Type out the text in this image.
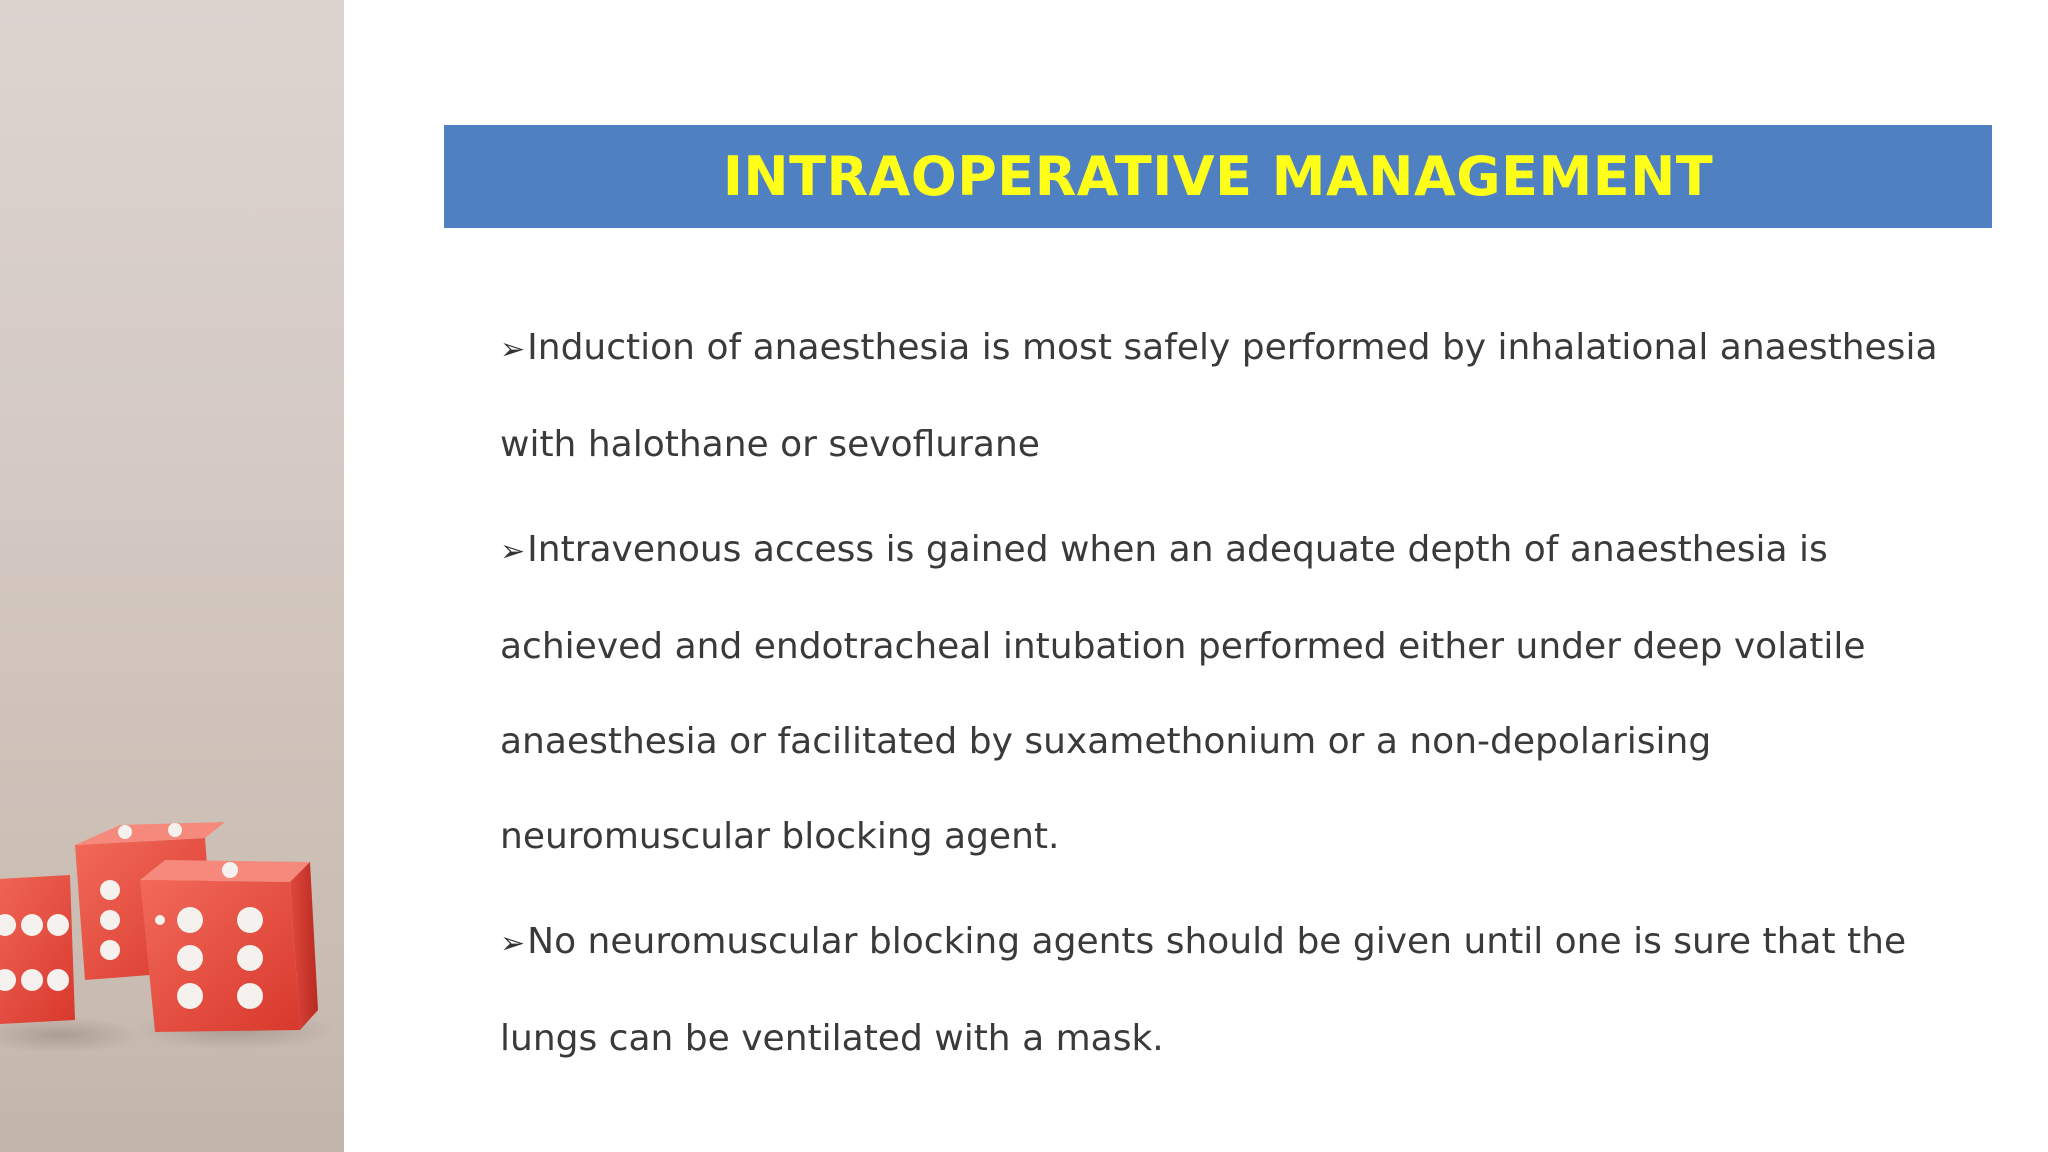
INTRAOPERATIVE MANAGEMENT

➢Induction of anaesthesia is most safely performed by inhalational anaesthesia with halothane or sevoflurane

➢Intravenous access is gained when an adequate depth of anaesthesia is achieved and endotracheal intubation performed either under deep volatile anaesthesia or facilitated by suxamethonium or a non-depolarising neuromuscular blocking agent.

➢No neuromuscular blocking agents should be given until one is sure that the lungs can be ventilated with a mask.
